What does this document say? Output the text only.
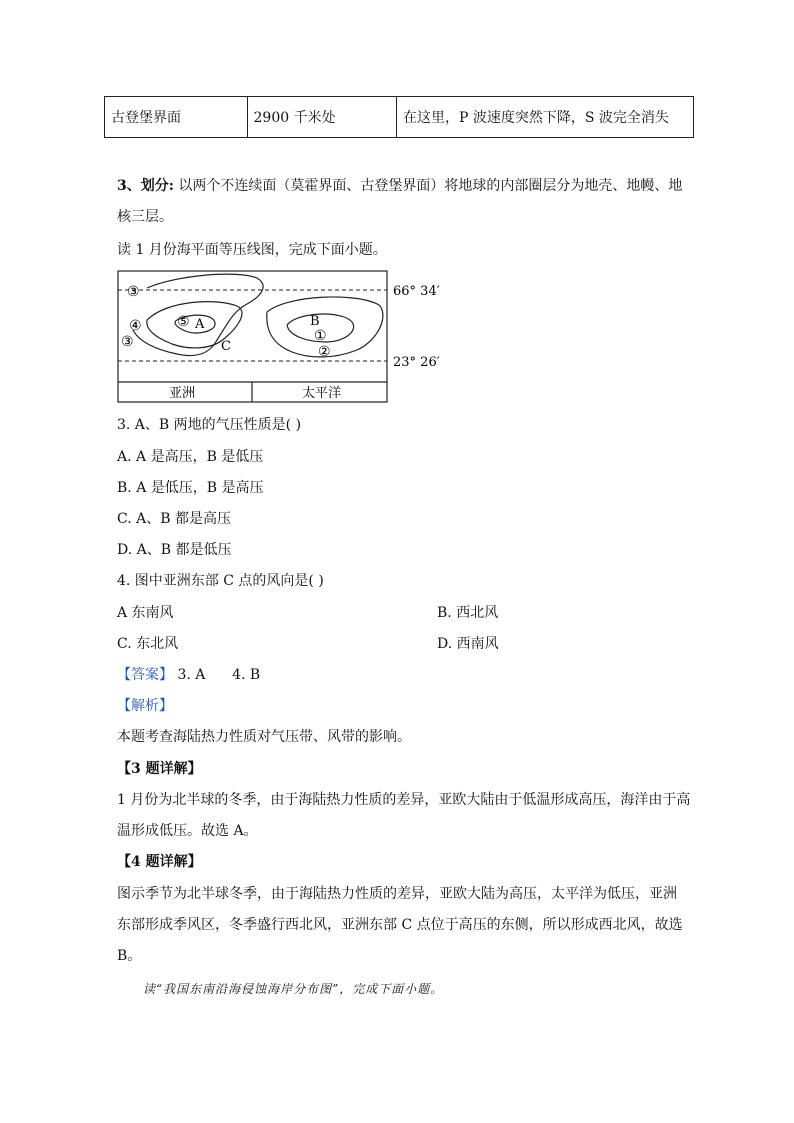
古登堡界面	2900 千米处	在这里，P 波速度突然下降，S 波完全消失
3、划分: 以两个不连续面（莫霍界面、古登堡界面）将地球的内部圈层分为地壳、地幔、地
核三层。
读 1 月份海平面等压线图，完成下面小题。
③
④	⑤ A
③	C
B
①
②
66° 34′
23° 26′
亚洲	太平洋
3. A、B 两地的气压性质是( )
A. A 是高压，B 是低压
B. A 是低压，B 是高压
C. A、B 都是高压
D. A、B 都是低压
4. 图中亚洲东部 C 点的风向是( )
A 东南风	B. 西北风
C. 东北风	D. 西南风
【答案】 3. A      4. B
【解析】
本题考查海陆热力性质对气压带、风带的影响。
【3 题详解】
1 月份为北半球的冬季，由于海陆热力性质的差异，亚欧大陆由于低温形成高压，海洋由于高
温形成低压。故选 A。
【4 题详解】
图示季节为北半球冬季，由于海陆热力性质的差异，亚欧大陆为高压，太平洋为低压，亚洲
东部形成季风区，冬季盛行西北风，亚洲东部 C 点位于高压的东侧，所以形成西北风，故选
B。
读“我国东南沿海侵蚀海岸分布图”，完成下面小题。
